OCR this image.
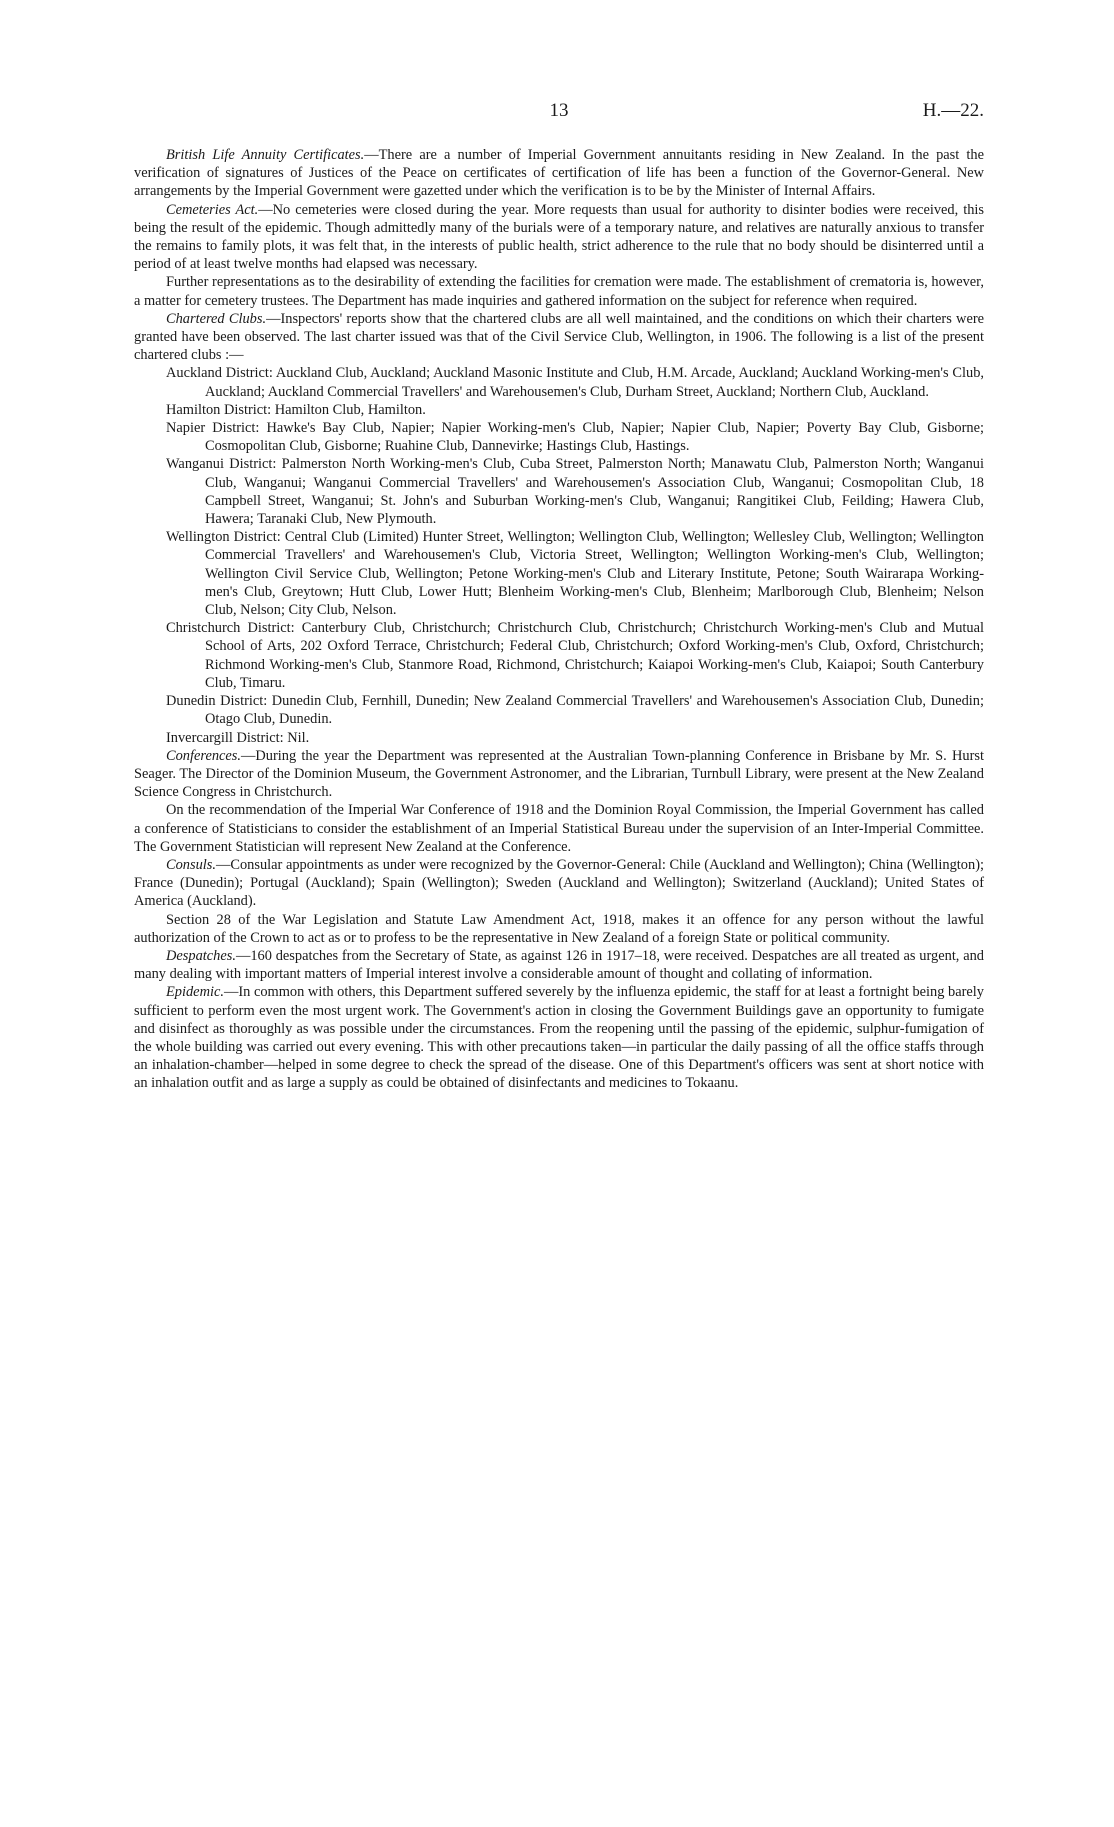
13	H.—22.

British Life Annuity Certificates.—There are a number of Imperial Government annuitants residing in New Zealand. In the past the verification of signatures of Justices of the Peace on certificates of certification of life has been a function of the Governor-General. New arrangements by the Imperial Government were gazetted under which the verification is to be by the Minister of Internal Affairs.

Cemeteries Act.—No cemeteries were closed during the year. More requests than usual for authority to disinter bodies were received, this being the result of the epidemic. Though admittedly many of the burials were of a temporary nature, and relatives are naturally anxious to transfer the remains to family plots, it was felt that, in the interests of public health, strict adherence to the rule that no body should be disinterred until a period of at least twelve months had elapsed was necessary.

Further representations as to the desirability of extending the facilities for cremation were made. The establishment of crematoria is, however, a matter for cemetery trustees. The Department has made inquiries and gathered information on the subject for reference when required.

Chartered Clubs.—Inspectors' reports show that the chartered clubs are all well maintained, and the conditions on which their charters were granted have been observed. The last charter issued was that of the Civil Service Club, Wellington, in 1906. The following is a list of the present chartered clubs :—

Auckland District: Auckland Club, Auckland; Auckland Masonic Institute and Club, H.M. Arcade, Auckland; Auckland Working-men's Club, Auckland; Auckland Commercial Travellers' and Warehousemen's Club, Durham Street, Auckland; Northern Club, Auckland.
Hamilton District: Hamilton Club, Hamilton.
Napier District: Hawke's Bay Club, Napier; Napier Working-men's Club, Napier; Napier Club, Napier; Poverty Bay Club, Gisborne; Cosmopolitan Club, Gisborne; Ruahine Club, Dannevirke; Hastings Club, Hastings.
Wanganui District: Palmerston North Working-men's Club, Cuba Street, Palmerston North; Manawatu Club, Palmerston North; Wanganui Club, Wanganui; Wanganui Commercial Travellers' and Warehousemen's Association Club, Wanganui; Cosmopolitan Club, 18 Campbell Street, Wanganui; St. John's and Suburban Working-men's Club, Wanganui; Rangitikei Club, Feilding; Hawera Club, Hawera; Taranaki Club, New Plymouth.
Wellington District: Central Club (Limited) Hunter Street, Wellington; Wellington Club, Wellington; Wellesley Club, Wellington; Wellington Commercial Travellers' and Warehousemen's Club, Victoria Street, Wellington; Wellington Working-men's Club, Wellington; Wellington Civil Service Club, Wellington; Petone Working-men's Club and Literary Institute, Petone; South Wairarapa Working-men's Club, Greytown; Hutt Club, Lower Hutt; Blenheim Working-men's Club, Blenheim; Marlborough Club, Blenheim; Nelson Club, Nelson; City Club, Nelson.
Christchurch District: Canterbury Club, Christchurch; Christchurch Club, Christchurch; Christchurch Working-men's Club and Mutual School of Arts, 202 Oxford Terrace, Christchurch; Federal Club, Christchurch; Oxford Working-men's Club, Oxford, Christchurch; Richmond Working-men's Club, Stanmore Road, Richmond, Christchurch; Kaiapoi Working-men's Club, Kaiapoi; South Canterbury Club, Timaru.
Dunedin District: Dunedin Club, Fernhill, Dunedin; New Zealand Commercial Travellers' and Warehousemen's Association Club, Dunedin; Otago Club, Dunedin.
Invercargill District: Nil.

Conferences.—During the year the Department was represented at the Australian Town-planning Conference in Brisbane by Mr. S. Hurst Seager. The Director of the Dominion Museum, the Government Astronomer, and the Librarian, Turnbull Library, were present at the New Zealand Science Congress in Christchurch.

On the recommendation of the Imperial War Conference of 1918 and the Dominion Royal Commission, the Imperial Government has called a conference of Statisticians to consider the establishment of an Imperial Statistical Bureau under the supervision of an Inter-Imperial Committee. The Government Statistician will represent New Zealand at the Conference.

Consuls.—Consular appointments as under were recognized by the Governor-General: Chile (Auckland and Wellington); China (Wellington); France (Dunedin); Portugal (Auckland); Spain (Wellington); Sweden (Auckland and Wellington); Switzerland (Auckland); United States of America (Auckland).

Section 28 of the War Legislation and Statute Law Amendment Act, 1918, makes it an offence for any person without the lawful authorization of the Crown to act as or to profess to be the representative in New Zealand of a foreign State or political community.

Despatches.—160 despatches from the Secretary of State, as against 126 in 1917–18, were received. Despatches are all treated as urgent, and many dealing with important matters of Imperial interest involve a considerable amount of thought and collating of information.

Epidemic.—In common with others, this Department suffered severely by the influenza epidemic, the staff for at least a fortnight being barely sufficient to perform even the most urgent work. The Government's action in closing the Government Buildings gave an opportunity to fumigate and disinfect as thoroughly as was possible under the circumstances. From the reopening until the passing of the epidemic, sulphur-fumigation of the whole building was carried out every evening. This with other precautions taken—in particular the daily passing of all the office staffs through an inhalation-chamber—helped in some degree to check the spread of the disease. One of this Department's officers was sent at short notice with an inhalation outfit and as large a supply as could be obtained of disinfectants and medicines to Tokaanu.
